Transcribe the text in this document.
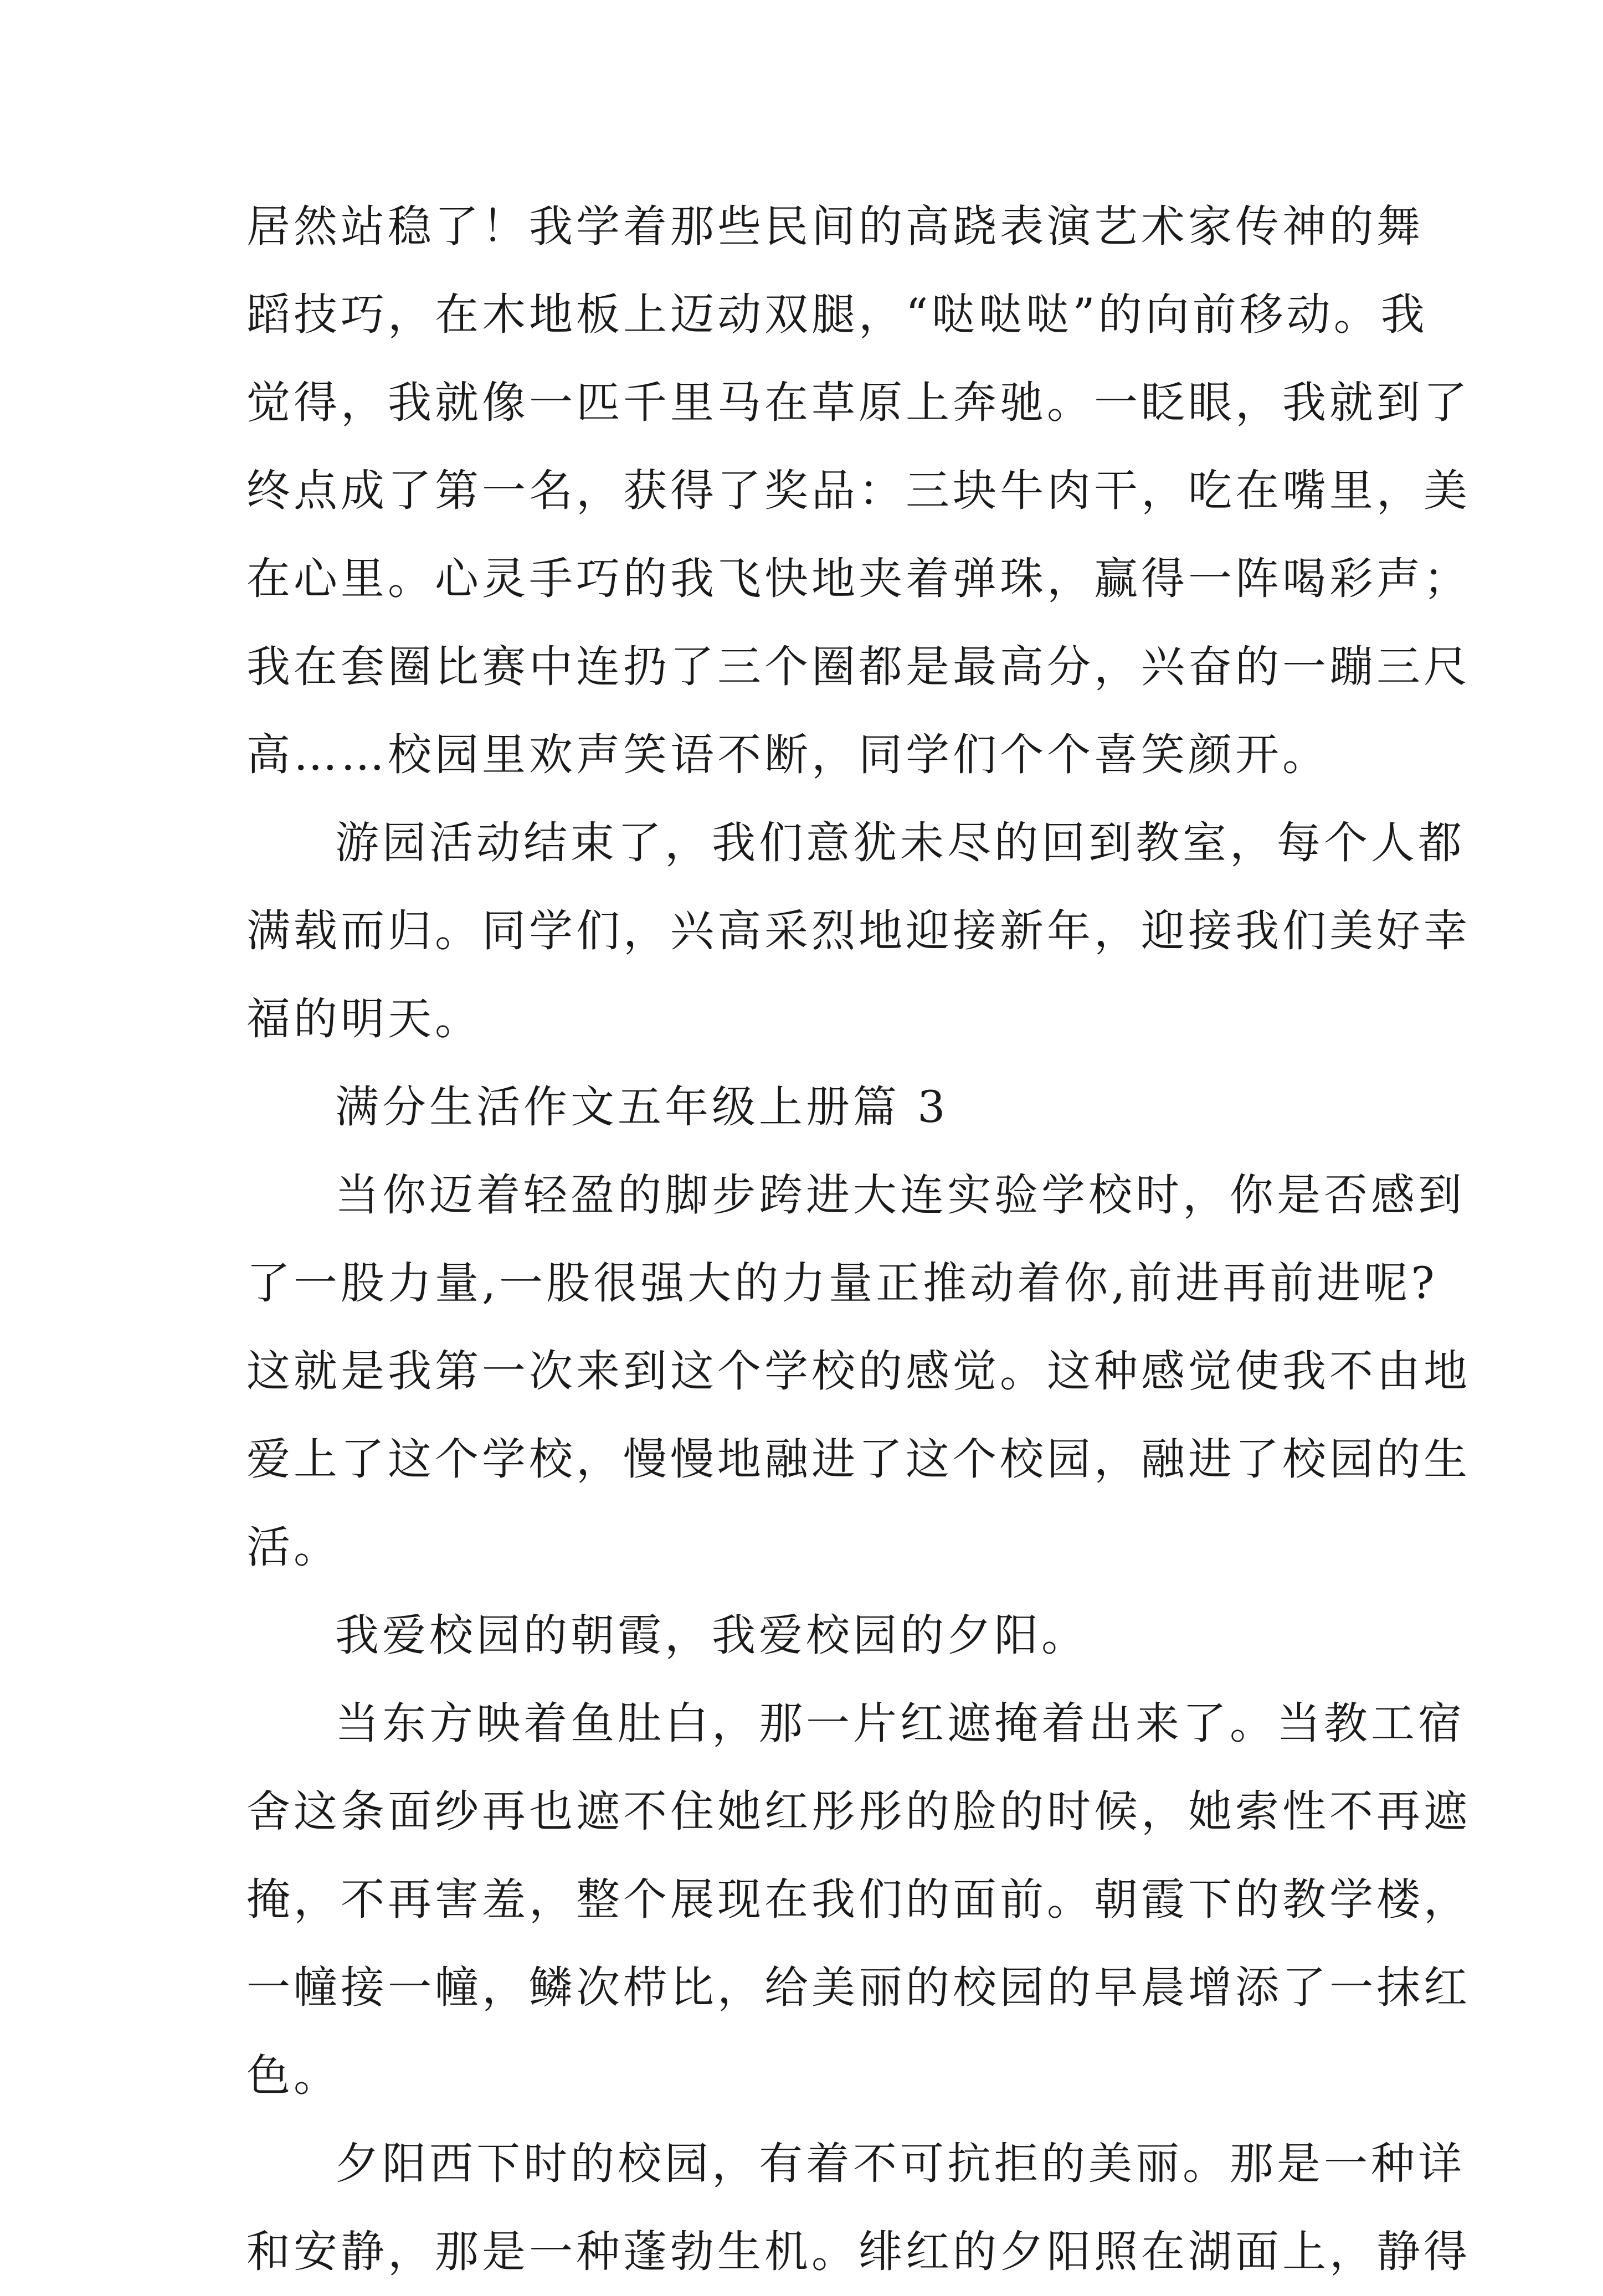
居然站稳了！我学着那些民间的高跷表演艺术家传神的舞
蹈技巧，在木地板上迈动双腿，“哒哒哒”的向前移动。我
觉得，我就像一匹千里马在草原上奔驰。一眨眼，我就到了
终点成了第一名，获得了奖品：三块牛肉干，吃在嘴里，美
在心里。心灵手巧的我飞快地夹着弹珠，赢得一阵喝彩声；
我在套圈比赛中连扔了三个圈都是最高分，兴奋的一蹦三尺
高……校园里欢声笑语不断，同学们个个喜笑颜开。

游园活动结束了，我们意犹未尽的回到教室，每个人都
满载而归。同学们，兴高采烈地迎接新年，迎接我们美好幸
福的明天。

满分生活作文五年级上册篇 3

当你迈着轻盈的脚步跨进大连实验学校时，你是否感到
了一股力量,一股很强大的力量正推动着你,前进再前进呢?
这就是我第一次来到这个学校的感觉。这种感觉使我不由地
爱上了这个学校，慢慢地融进了这个校园，融进了校园的生
活。

我爱校园的朝霞，我爱校园的夕阳。

当东方映着鱼肚白，那一片红遮掩着出来了。当教工宿
舍这条面纱再也遮不住她红彤彤的脸的时候，她索性不再遮
掩，不再害羞，整个展现在我们的面前。朝霞下的教学楼，
一幢接一幢，鳞次栉比，给美丽的校园的早晨增添了一抹红
色。

夕阳西下时的校园，有着不可抗拒的美丽。那是一种详
和安静，那是一种蓬勃生机。绯红的夕阳照在湖面上，静得
